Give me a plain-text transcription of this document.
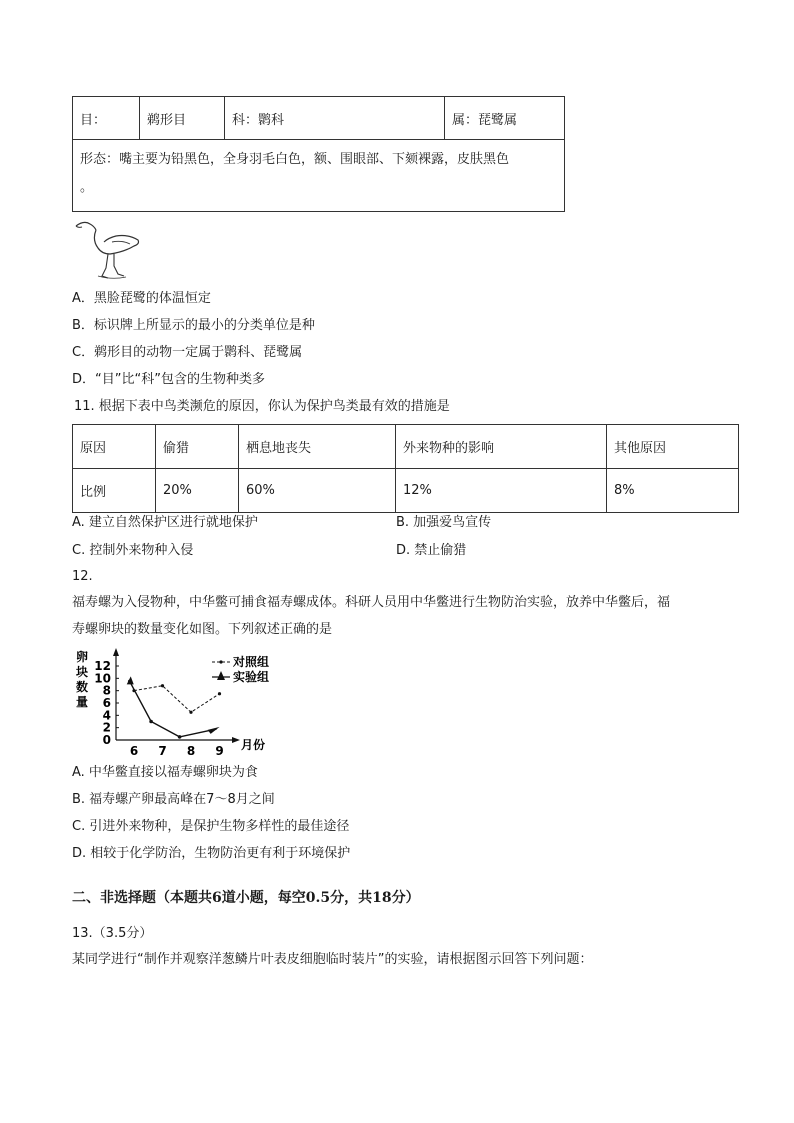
目：	鹈形目	科：鹮科	属：琵鹭属

形态：嘴主要为铅黑色，全身羽毛白色，额、围眼部、下颏裸露，皮肤黑色
。
A．黑脸琵鹭的体温恒定
B．标识牌上所显示的最小的分类单位是种
C．鹈形目的动物一定属于鹮科、琵鹭属
D．“目”比“科”包含的生物种类多
11. 根据下表中鸟类濒危的原因，你认为保护鸟类最有效的措施是
原因	偷猎	栖息地丧失	外来物种的影响	其他原因
比例	20%	60%	12%	8%
A. 建立自然保护区进行就地保护	B. 加强爱鸟宣传
C. 控制外来物种入侵	D. 禁止偷猎
12.
福寿螺为入侵物种，中华鳖可捕食福寿螺成体。科研人员用中华鳖进行生物防治实验，放养中华鳖后，福
寿螺卵块的数量变化如图。下列叙述正确的是
卵
块
数
量
0
2
4
6
8
10
12
6 7 8 9 月份
对照组
实验组
A. 中华鳖直接以福寿螺卵块为食
B. 福寿螺产卵最高峰在7～8月之间
C. 引进外来物种，是保护生物多样性的最佳途径
D. 相较于化学防治，生物防治更有利于环境保护
二、非选择题（本题共6道小题，每空0.5分，共18分）
13.（3.5分）
某同学进行“制作并观察洋葱鳞片叶表皮细胞临时装片”的实验，请根据图示回答下列问题：
